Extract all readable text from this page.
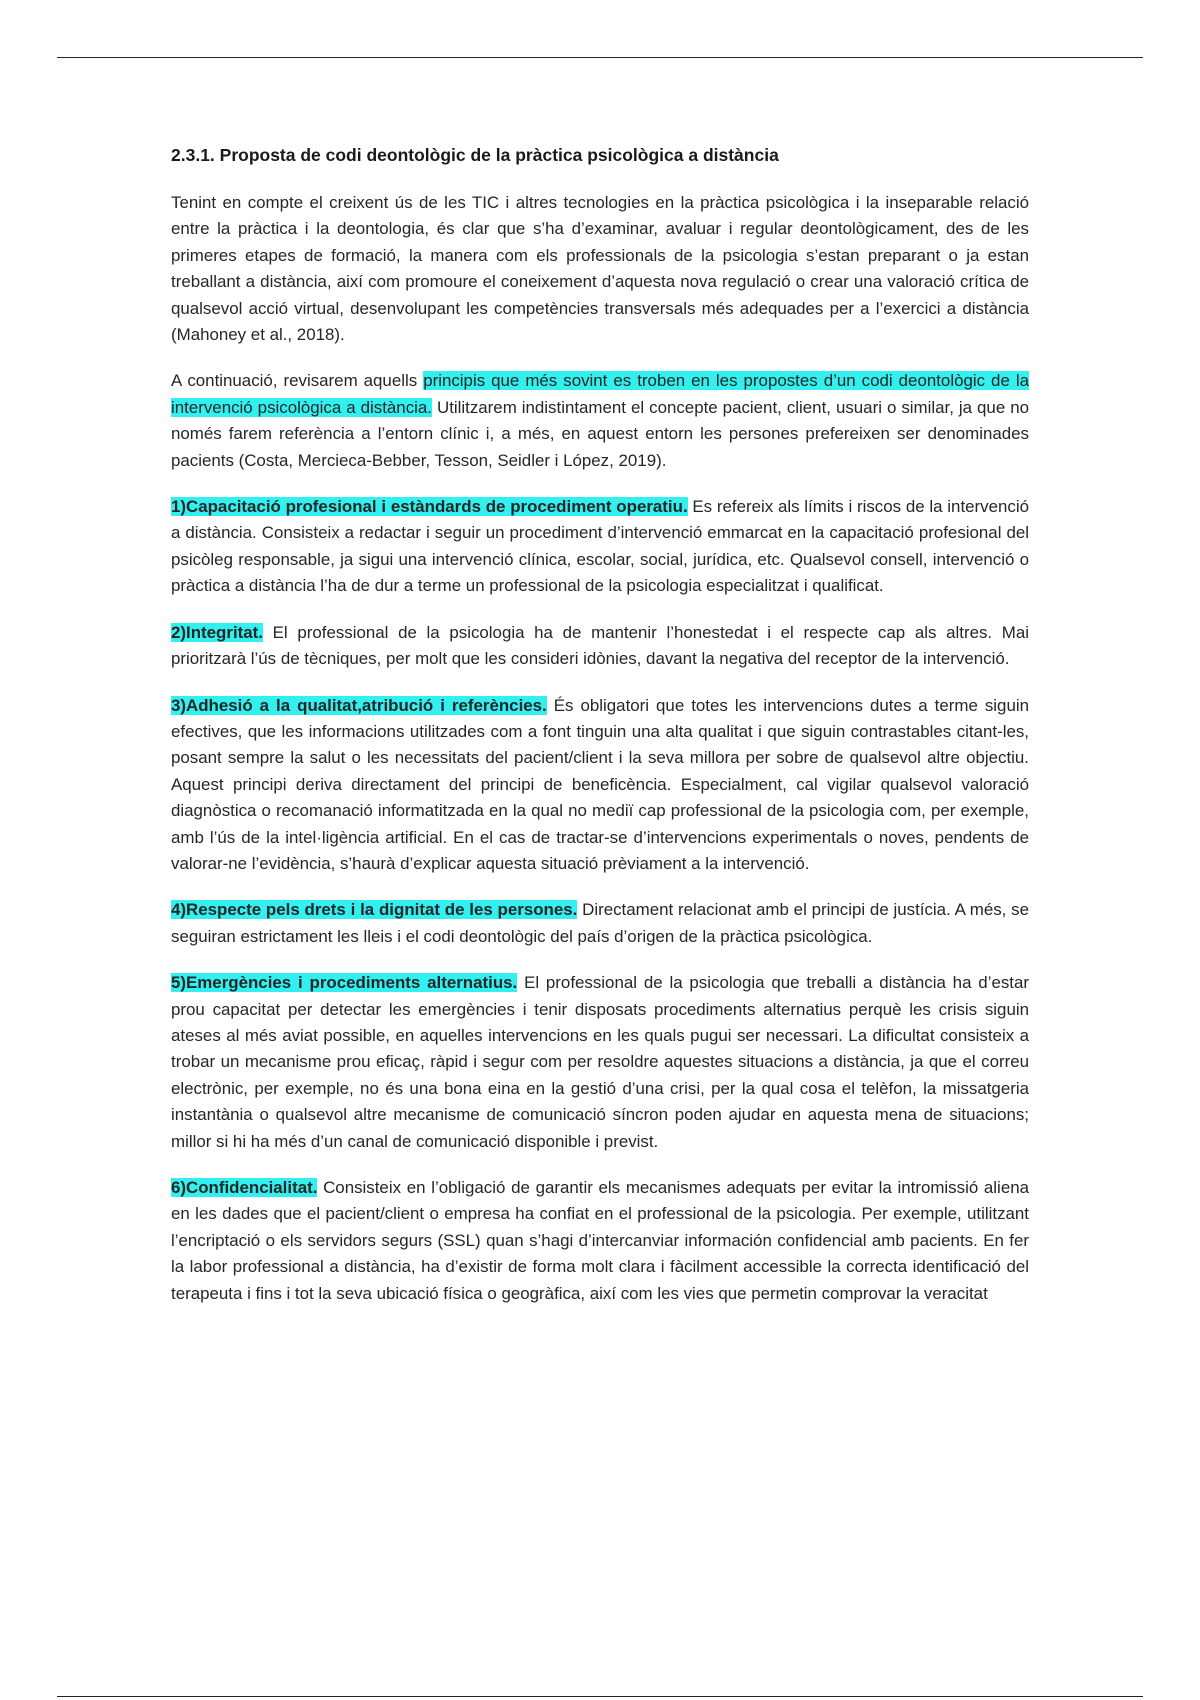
2.3.1. Proposta de codi deontològic de la pràctica psicològica a distància

Tenint en compte el creixent ús de les TIC i altres tecnologies en la pràctica psicològica i la inseparable relació entre la pràctica i la deontologia, és clar que s’ha d’examinar, avaluar i regular deontològicament, des de les primeres etapes de formació, la manera com els professionals de la psicologia s’estan preparant o ja estan treballant a distància, així com promoure el coneixement d’aquesta nova regulació o crear una valoració crítica de qualsevol acció virtual, desenvolupant les competències transversals més adequades per a l’exercici a distància (Mahoney et al., 2018).

A continuació, revisarem aquells principis que més sovint es troben en les propostes d’un codi deontològic de la intervenció psicològica a distància. Utilitzarem indistintament el concepte pacient, client, usuari o similar, ja que no només farem referència a l’entorn clínic i, a més, en aquest entorn les persones prefereixen ser denominades pacients (Costa, Mercieca-Bebber, Tesson, Seidler i López, 2019).

1)Capacitació profesional i estàndards de procediment operatiu. Es refereix als límits i riscos de la intervenció a distància. Consisteix a redactar i seguir un procediment d’intervenció emmarcat en la capacitació profesional del psicòleg responsable, ja sigui una intervenció clínica, escolar, social, jurídica, etc. Qualsevol consell, intervenció o pràctica a distància l’ha de dur a terme un professional de la psicologia especialitzat i qualificat.

2)Integritat. El professional de la psicologia ha de mantenir l’honestedat i el respecte cap als altres. Mai prioritzarà l’ús de tècniques, per molt que les consideri idònies, davant la negativa del receptor de la intervenció.

3)Adhesió a la qualitat,atribució i referències. És obligatori que totes les intervencions dutes a terme siguin efectives, que les informacions utilitzades com a font tinguin una alta qualitat i que siguin contrastables citant-les, posant sempre la salut o les necessitats del pacient/client i la seva millora per sobre de qualsevol altre objectiu. Aquest principi deriva directament del principi de beneficència. Especialment, cal vigilar qualsevol valoració diagnòstica o recomanació informatitzada en la qual no mediï cap professional de la psicologia com, per exemple, amb l’ús de la intel·ligència artificial. En el cas de tractar-se d’intervencions experimentals o noves, pendents de valorar-ne l’evidència, s’haurà d’explicar aquesta situació prèviament a la intervenció.

4)Respecte pels drets i la dignitat de les persones. Directament relacionat amb el principi de justícia. A més, se seguiran estrictament les lleis i el codi deontològic del país d’origen de la pràctica psicològica.

5)Emergències i procediments alternatius. El professional de la psicologia que treballi a distància ha d’estar prou capacitat per detectar les emergències i tenir disposats procediments alternatius perquè les crisis siguin ateses al més aviat possible, en aquelles intervencions en les quals pugui ser necessari. La dificultat consisteix a trobar un mecanisme prou eficaç, ràpid i segur com per resoldre aquestes situacions a distància, ja que el correu electrònic, per exemple, no és una bona eina en la gestió d’una crisi, per la qual cosa el telèfon, la missatgeria instantània o qualsevol altre mecanisme de comunicació síncron poden ajudar en aquesta mena de situacions; millor si hi ha més d’un canal de comunicació disponible i previst.

6)Confidencialitat. Consisteix en l’obligació de garantir els mecanismes adequats per evitar la intromissió aliena en les dades que el pacient/client o empresa ha confiat en el professional de la psicologia. Per exemple, utilitzant l’encriptació o els servidors segurs (SSL) quan s’hagi d’intercanviar información confidencial amb pacients. En fer la labor professional a distància, ha d’existir de forma molt clara i fàcilment accessible la correcta identificació del terapeuta i fins i tot la seva ubicació física o geogràfica, així com les vies que permetin comprovar la veracitat
